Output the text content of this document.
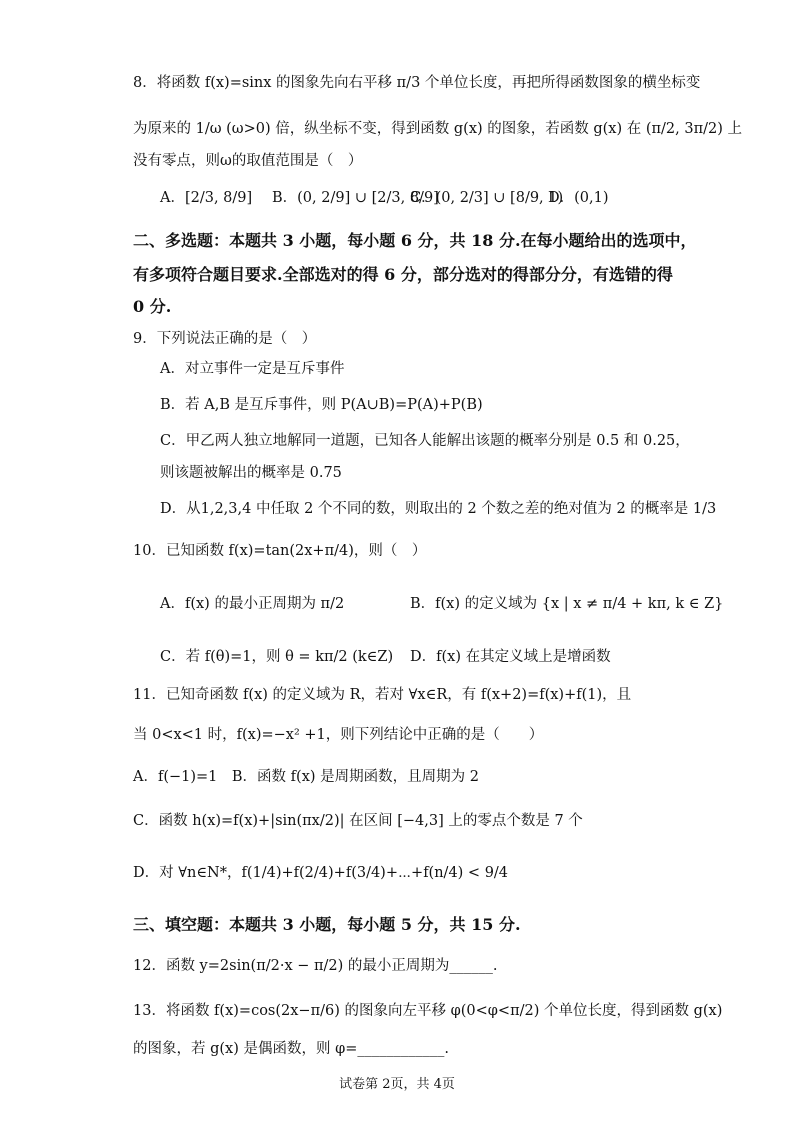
8．将函数 f(x)=sinx 的图象先向右平移 π/3 个单位长度，再把所得函数图象的横坐标变
为原来的 1/ω (ω>0) 倍，纵坐标不变，得到函数 g(x) 的图象，若函数 g(x) 在 (π/2, 3π/2) 上
没有零点，则ω的取值范围是（　）
A．[2/3, 8/9] B．(0, 2/9] ∪ [2/3, 8/9]
C．(0, 2/3] ∪ [8/9, 1)
D．(0,1)
二、多选题：本题共 3 小题，每小题 6 分，共 18 分.在每小题给出的选项中，
有多项符合题目要求.全部选对的得 6 分，部分选对的得部分分，有选错的得
0 分.
9．下列说法正确的是（　）
A．对立事件一定是互斥事件
B．若 A,B 是互斥事件，则 P(A∪B)=P(A)+P(B)
C．甲乙两人独立地解同一道题，已知各人能解出该题的概率分别是 0.5 和 0.25，
则该题被解出的概率是 0.75
D．从1,2,3,4 中任取 2 个不同的数，则取出的 2 个数之差的绝对值为 2 的概率是 1/3
10．已知函数 f(x)=tan(2x+π/4)，则（　）
A．f(x) 的最小正周期为 π/2	B．f(x) 的定义域为 {x | x ≠ π/4 + kπ, k ∈ Z}
C．若 f(θ)=1，则 θ = kπ/2 (k∈Z) D．f(x) 在其定义域上是增函数
11．已知奇函数 f(x) 的定义域为 R，若对 ∀x∈R，有 f(x+2)=f(x)+f(1)，且
当 0<x<1 时，f(x)=−x² +1，则下列结论中正确的是（　　）
A．f(−1)=1　B．函数 f(x) 是周期函数，且周期为 2
C．函数 h(x)=f(x)+|sin(πx/2)| 在区间 [−4,3] 上的零点个数是 7 个
D．对 ∀n∈N*，f(1/4)+f(2/4)+f(3/4)+⋯+f(n/4) < 9/4
三、填空题：本题共 3 小题，每小题 5 分，共 15 分.
12．函数 y=2sin(π/2·x − π/2) 的最小正周期为______.
13．将函数 f(x)=cos(2x−π/6) 的图象向左平移 φ(0<φ<π/2) 个单位长度，得到函数 g(x)
的图象，若 g(x) 是偶函数，则 φ=____________.
试卷第 2页，共 4页
